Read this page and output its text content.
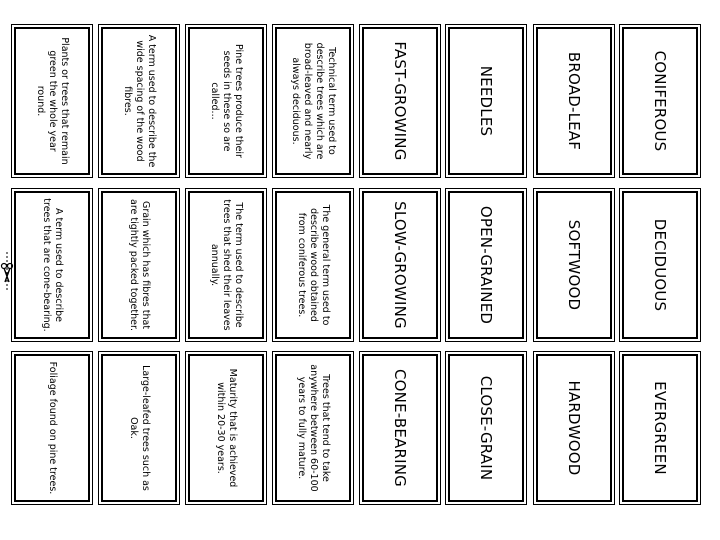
CONIFEROUS
DECIDUOUS
EVERGREEN
BROAD-LEAF
SOFTWOOD
HARDWOOD
NEEDLES
OPEN-GRAINED
CLOSE-GRAIN
FAST-GROWING
SLOW-GROWING
CONE-BEARING
Technical term used to describe trees which are broad-leaved and nearly always deciduous.
The general term used to describe wood obtained from coniferous trees.
Trees that tend to take anywhere between 60-100 years to fully mature.
Pine trees produce their seeds in these so are called...
The term used to describe trees that shed their leaves annually.
Maturity that is achieved within 20-30 years.
A term used to describe the wide spacing of the wood fibres.
Grain which has fibres that are tightly packed together.
Large-leafed trees such as Oak.
Plants or trees that remain green the whole year round.
A term used to describe trees that are cone-bearing.
Foliage found on pine trees.
